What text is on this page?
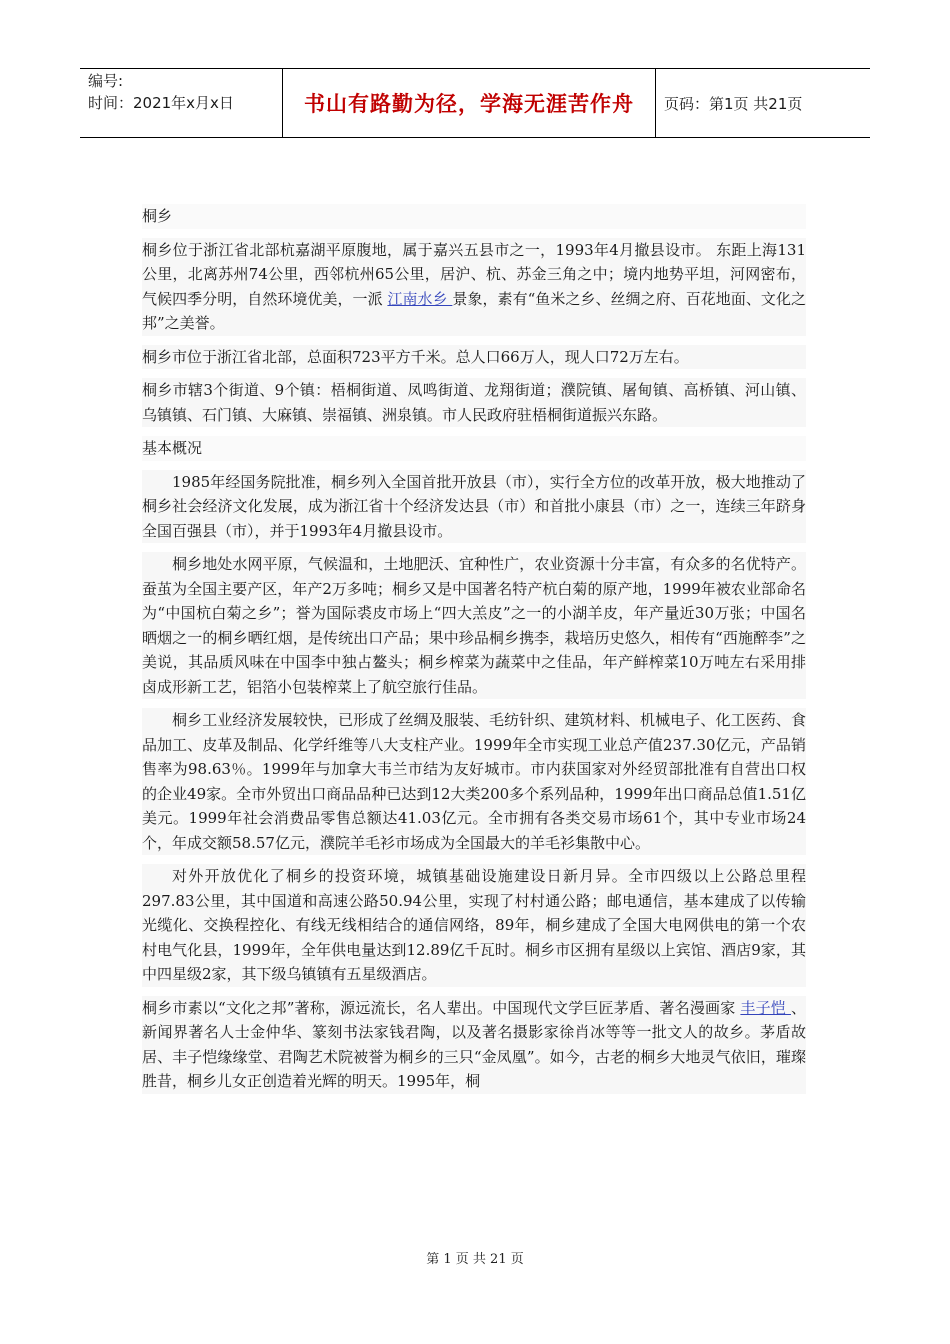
编号:
时间：2021年x月x日	书山有路勤为径，学海无涯苦作舟 页码：第1页 共21页

桐乡

桐乡位于浙江省北部杭嘉湖平原腹地，属于嘉兴五县市之一，1993年4月撤县设市。 东距上海131公里，北离苏州74公里，西邻杭州65公里，居沪、杭、苏金三角之中；境内地势平坦，河网密布，气候四季分明，自然环境优美，一派 江南水乡 景象，素有“鱼米之乡、丝绸之府、百花地面、文化之邦”之美誉。

桐乡市位于浙江省北部，总面积723平方千米。总人口66万人，现人口72万左右。

桐乡市辖3个街道、9个镇：梧桐街道、凤鸣街道、龙翔街道；濮院镇、屠甸镇、高桥镇、河山镇、乌镇镇、石门镇、大麻镇、崇福镇、洲泉镇。市人民政府驻梧桐街道振兴东路。

基本概况

1985年经国务院批准，桐乡列入全国首批开放县（市），实行全方位的改革开放，极大地推动了桐乡社会经济文化发展，成为浙江省十个经济发达县（市）和首批小康县（市）之一，连续三年跻身全国百强县（市），并于1993年4月撤县设市。

桐乡地处水网平原，气候温和，土地肥沃、宜种性广，农业资源十分丰富，有众多的名优特产。蚕茧为全国主要产区，年产2万多吨；桐乡又是中国著名特产杭白菊的原产地，1999年被农业部命名为“中国杭白菊之乡”；誉为国际裘皮市场上“四大羔皮”之一的小湖羊皮，年产量近30万张；中国名晒烟之一的桐乡晒红烟，是传统出口产品；果中珍品桐乡携李，栽培历史悠久，相传有“西施醉李”之美说，其品质风味在中国李中独占鳌头；桐乡榨菜为蔬菜中之佳品，年产鲜榨菜10万吨左右采用排卤成形新工艺，铝箔小包装榨菜上了航空旅行佳品。

桐乡工业经济发展较快，已形成了丝绸及服装、毛纺针织、建筑材料、机械电子、化工医药、食品加工、皮革及制品、化学纤维等八大支柱产业。1999年全市实现工业总产值237.30亿元，产品销售率为98.63％。1999年与加拿大韦兰市结为友好城市。市内获国家对外经贸部批准有自营出口权的企业49家。全市外贸出口商品品种已达到12大类200多个系列品种，1999年出口商品总值1.51亿美元。1999年社会消费品零售总额达41.03亿元。全市拥有各类交易市场61个，其中专业市场24个，年成交额58.57亿元，濮院羊毛衫市场成为全国最大的羊毛衫集散中心。

对外开放优化了桐乡的投资环境，城镇基础设施建设日新月异。全市四级以上公路总里程297.83公里，其中国道和高速公路50.94公里，实现了村村通公路；邮电通信，基本建成了以传输光缆化、交换程控化、有线无线相结合的通信网络，89年，桐乡建成了全国大电网供电的第一个农村电气化县，1999年，全年供电量达到12.89亿千瓦时。桐乡市区拥有星级以上宾馆、酒店9家，其中四星级2家，其下级乌镇镇有五星级酒店。

桐乡市素以“文化之邦”著称，源远流长，名人辈出。中国现代文学巨匠茅盾、著名漫画家 丰子恺 、新闻界著名人士金仲华、篆刻书法家钱君陶，以及著名摄影家徐肖冰等等一批文人的故乡。茅盾故居、丰子恺缘缘堂、君陶艺术院被誉为桐乡的三只“金凤凰”。如今，古老的桐乡大地灵气依旧，璀璨胜昔，桐乡儿女正创造着光辉的明天。1995年，桐

第 1 页 共 21 页
